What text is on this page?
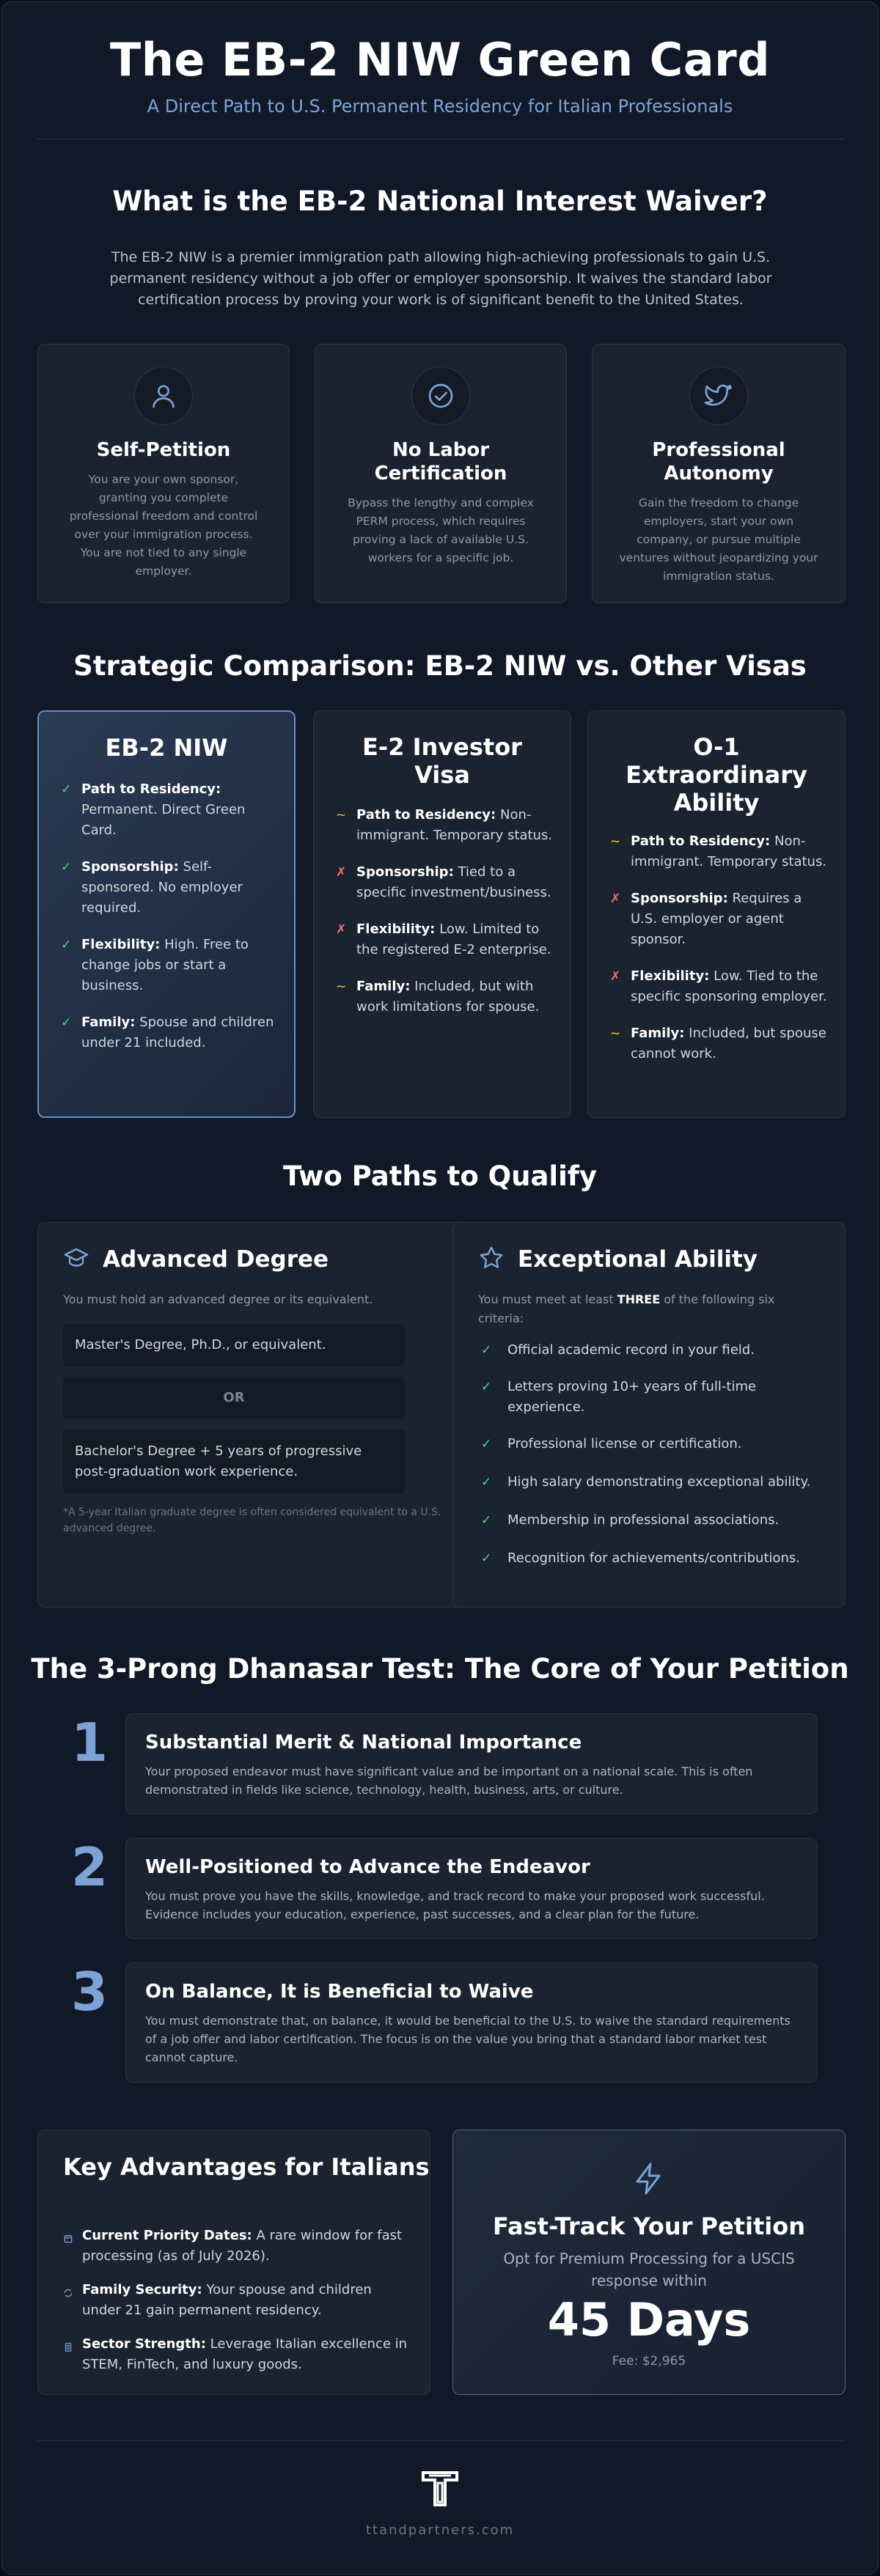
The EB-2 NIW Green Card
A Direct Path to U.S. Permanent Residency for Italian Professionals
What is the EB-2 National Interest Waiver?
The EB-2 NIW is a premier immigration path allowing high-achieving professionals to gain U.S. permanent residency without a job offer or employer sponsorship. It waives the standard labor certification process by proving your work is of significant benefit to the United States.
Self-Petition

You are your own sponsor, granting you complete professional freedom and control over your immigration process. You are not tied to any single employer.

No Labor Certification

Bypass the lengthy and complex PERM process, which requires proving a lack of available U.S. workers for a specific job.

Professional Autonomy

Gain the freedom to change employers, start your own company, or pursue multiple ventures without jeopardizing your immigration status.

Strategic Comparison: EB-2 NIW vs. Other Visas
EB-2 NIW
✓ Path to Residency: Permanent. Direct Green Card.
✓ Sponsorship: Self-sponsored. No employer required.
✓ Flexibility: High. Free to change jobs or start a business.
✓ Family: Spouse and children under 21 included.
E-2 Investor Visa
~ Path to Residency: Non-immigrant. Temporary status.
✗ Sponsorship: Tied to a specific investment/business.
✗ Flexibility: Low. Limited to the registered E-2 enterprise.
~ Family: Included, but with work limitations for spouse.
O-1 Extraordinary Ability
~ Path to Residency: Non-immigrant. Temporary status.
✗ Sponsorship: Requires a U.S. employer or agent sponsor.
✗ Flexibility: Low. Tied to the specific sponsoring employer.
~ Family: Included, but spouse cannot work.
Two Paths to Qualify
Advanced Degree
You must hold an advanced degree or its equivalent.
Master's Degree, Ph.D., or equivalent.
OR
Bachelor's Degree + 5 years of progressive post-graduation work experience.
*A 5-year Italian graduate degree is often considered equivalent to a U.S. advanced degree.
Exceptional Ability
You must meet at least THREE of the following six criteria:
✓	Official academic record in your field.
✓	Letters proving 10+ years of full-time experience.
✓	Professional license or certification.
✓	High salary demonstrating exceptional ability.
✓	Membership in professional associations.
✓	Recognition for achievements/contributions.
The 3-Prong Dhanasar Test: The Core of Your Petition
1	Substantial Merit & National Importance

Your proposed endeavor must have significant value and be important on a national scale. This is often demonstrated in fields like science, technology, health, business, arts, or culture.

2	Well-Positioned to Advance the Endeavor

You must prove you have the skills, knowledge, and track record to make your proposed work successful. Evidence includes your education, experience, past successes, and a clear plan for the future.

3	On Balance, It is Beneficial to Waive

You must demonstrate that, on balance, it would be beneficial to the U.S. to waive the standard requirements of a job offer and labor certification. The focus is on the value you bring that a standard labor market test cannot capture.

Key Advantages for Italians
Current Priority Dates: A rare window for fast processing (as of July 2026).
Family Security: Your spouse and children under 21 gain permanent residency.
Sector Strength: Leverage Italian excellence in STEM, FinTech, and luxury goods.
Fast-Track Your Petition
Opt for Premium Processing for a USCIS response within
45 Days
Fee: $2,965
ttandpartners.com
